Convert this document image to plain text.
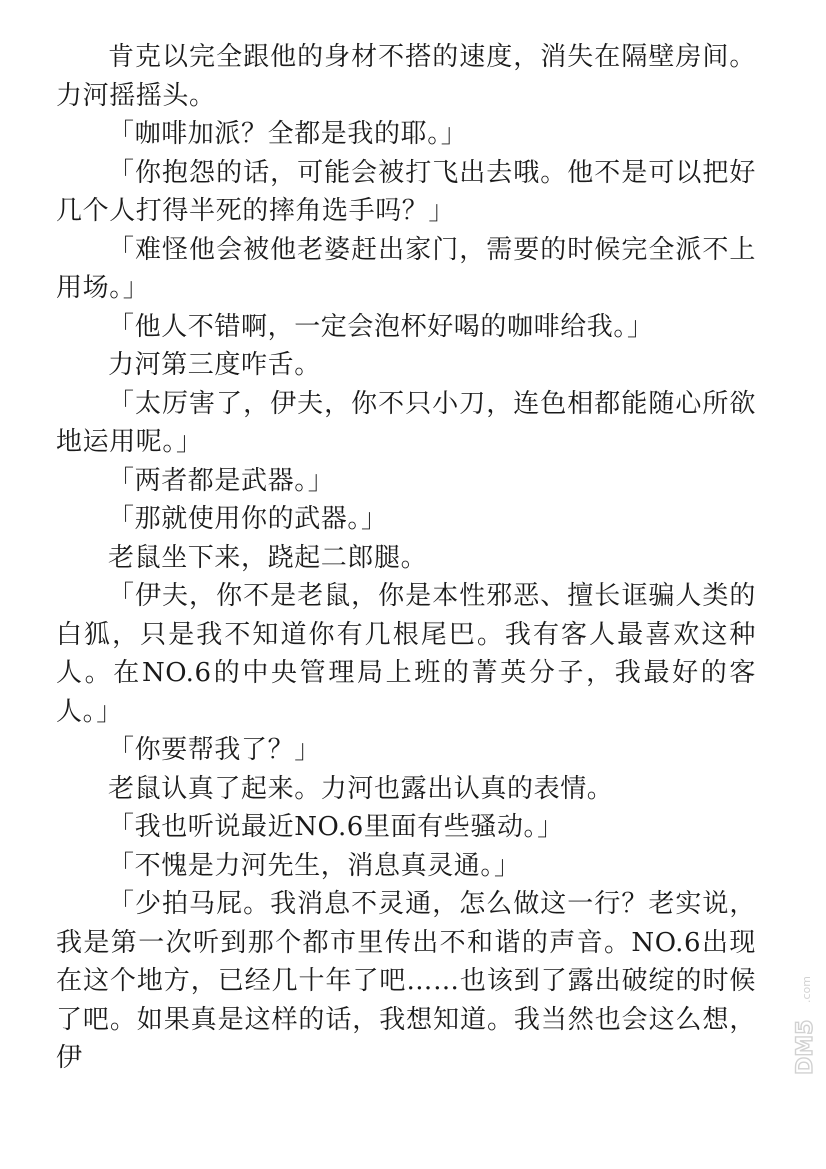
肯克以完全跟他的身材不搭的速度，消失在隔壁房间。力河摇摇头。

「咖啡加派？全都是我的耶。」

「你抱怨的话，可能会被打飞出去哦。他不是可以把好几个人打得半死的摔角选手吗？」

「难怪他会被他老婆赶出家门，需要的时候完全派不上用场。」

「他人不错啊，一定会泡杯好喝的咖啡给我。」

力河第三度咋舌。

「太厉害了，伊夫，你不只小刀，连色相都能随心所欲地运用呢。」

「两者都是武器。」

「那就使用你的武器。」

老鼠坐下来，跷起二郎腿。

「伊夫，你不是老鼠，你是本性邪恶、擅长诓骗人类的白狐，只是我不知道你有几根尾巴。我有客人最喜欢这种人。在NO.6的中央管理局上班的菁英分子，我最好的客人。」

「你要帮我了？」

老鼠认真了起来。力河也露出认真的表情。

「我也听说最近NO.6里面有些骚动。」

「不愧是力河先生，消息真灵通。」

「少拍马屁。我消息不灵通，怎么做这一行？老实说，我是第一次听到那个都市里传出不和谐的声音。NO.6出现在这个地方，已经几十年了吧……也该到了露出破绽的时候了吧。如果真是这样的话，我想知道。我当然也会这么想，伊	DM5
.com
